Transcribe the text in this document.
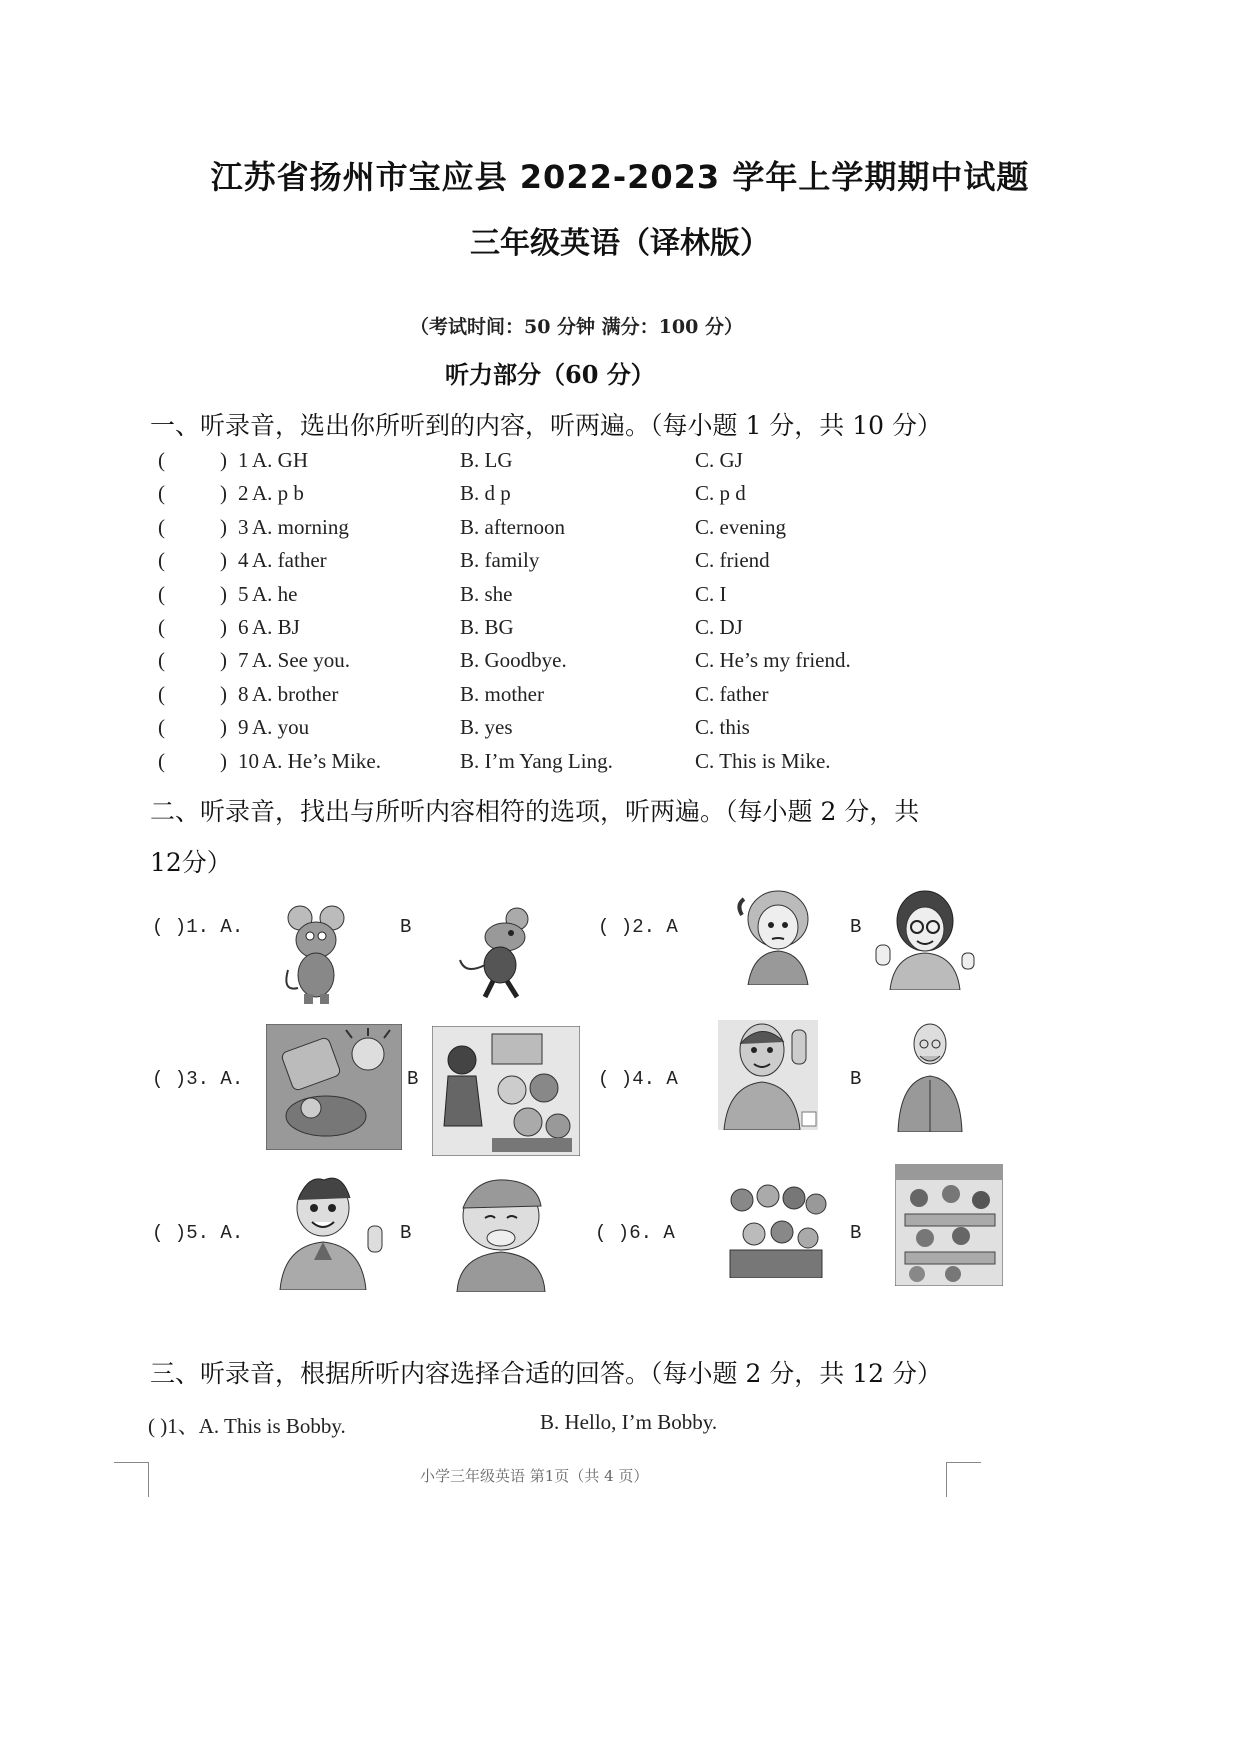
江苏省扬州市宝应县 2022-2023 学年上学期期中试题
三年级英语（译林版）
（考试时间：50 分钟 满分：100 分）
听力部分（60 分）
一、听录音，选出你所听到的内容，听两遍。（每小题 1 分，共 10 分）
(	) 1 A. GH	B. LG	C. GJ
(	) 2 A. p b	B. d p	C. p d
(	) 3 A. morning	B. afternoon	C. evening
(	) 4 A. father	B. family	C. friend
(	) 5 A. he	B. she	C. I
(	) 6 A. BJ	B. BG	C. DJ
(	) 7 A. See you.	B. Goodbye.	C. He’s my friend.
(	) 8 A. brother	B. mother	C. father
(	) 9 A. you	B. yes	C. this
(	) 10 A. He’s Mike.	B. I’m Yang Ling.	C. This is Mike.
二、听录音，找出与所听内容相符的选项，听两遍。（每小题 2 分，共
12分）
( )1. A.	B	( )2. A	B
( )3. A.	B	( )4. A	B
( )5. A.	B	( )6. A	B
三、听录音，根据所听内容选择合适的回答。（每小题 2 分，共 12 分）
( )1、A. This is Bobby.	B. Hello, I’m Bobby.
小学三年级英语 第1页（共 4 页）
